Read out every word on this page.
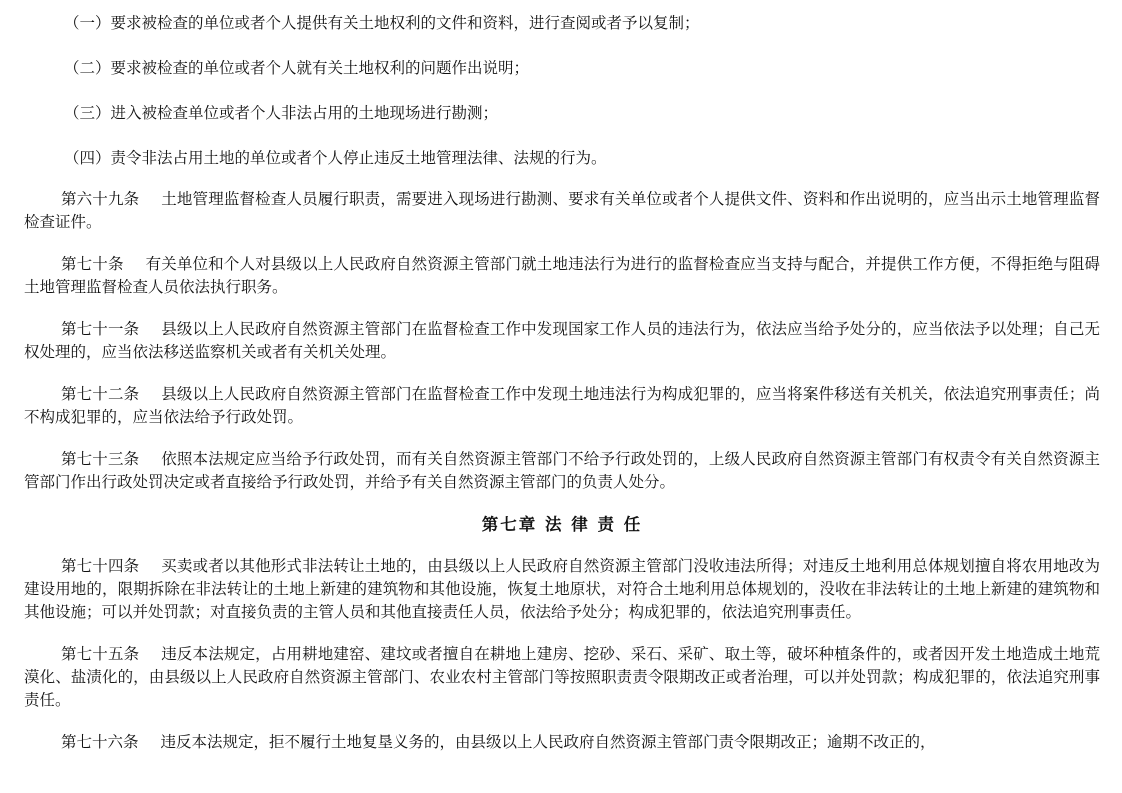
（一）要求被检查的单位或者个人提供有关土地权利的文件和资料，进行查阅或者予以复制；

（二）要求被检查的单位或者个人就有关土地权利的问题作出说明；

（三）进入被检查单位或者个人非法占用的土地现场进行勘测；

（四）责令非法占用土地的单位或者个人停止违反土地管理法律、法规的行为。

第六十九条 土地管理监督检查人员履行职责，需要进入现场进行勘测、要求有关单位或者个人提供文件、资料和作出说明的，应当出示土地管理监督检查证件。

第七十条 有关单位和个人对县级以上人民政府自然资源主管部门就土地违法行为进行的监督检查应当支持与配合，并提供工作方便，不得拒绝与阻碍土地管理监督检查人员依法执行职务。

第七十一条 县级以上人民政府自然资源主管部门在监督检查工作中发现国家工作人员的违法行为，依法应当给予处分的，应当依法予以处理；自己无权处理的，应当依法移送监察机关或者有关机关处理。

第七十二条 县级以上人民政府自然资源主管部门在监督检查工作中发现土地违法行为构成犯罪的，应当将案件移送有关机关，依法追究刑事责任；尚不构成犯罪的，应当依法给予行政处罚。

第七十三条 依照本法规定应当给予行政处罚，而有关自然资源主管部门不给予行政处罚的，上级人民政府自然资源主管部门有权责令有关自然资源主管部门作出行政处罚决定或者直接给予行政处罚，并给予有关自然资源主管部门的负责人处分。

第七章 法 律 责 任

第七十四条 买卖或者以其他形式非法转让土地的，由县级以上人民政府自然资源主管部门没收违法所得；对违反土地利用总体规划擅自将农用地改为建设用地的，限期拆除在非法转让的土地上新建的建筑物和其他设施，恢复土地原状，对符合土地利用总体规划的，没收在非法转让的土地上新建的建筑物和其他设施；可以并处罚款；对直接负责的主管人员和其他直接责任人员，依法给予处分；构成犯罪的，依法追究刑事责任。

第七十五条 违反本法规定，占用耕地建窑、建坟或者擅自在耕地上建房、挖砂、采石、采矿、取土等，破坏种植条件的，或者因开发土地造成土地荒漠化、盐渍化的，由县级以上人民政府自然资源主管部门、农业农村主管部门等按照职责责令限期改正或者治理，可以并处罚款；构成犯罪的，依法追究刑事责任。

第七十六条 违反本法规定，拒不履行土地复垦义务的，由县级以上人民政府自然资源主管部门责令限期改正；逾期不改正的，
